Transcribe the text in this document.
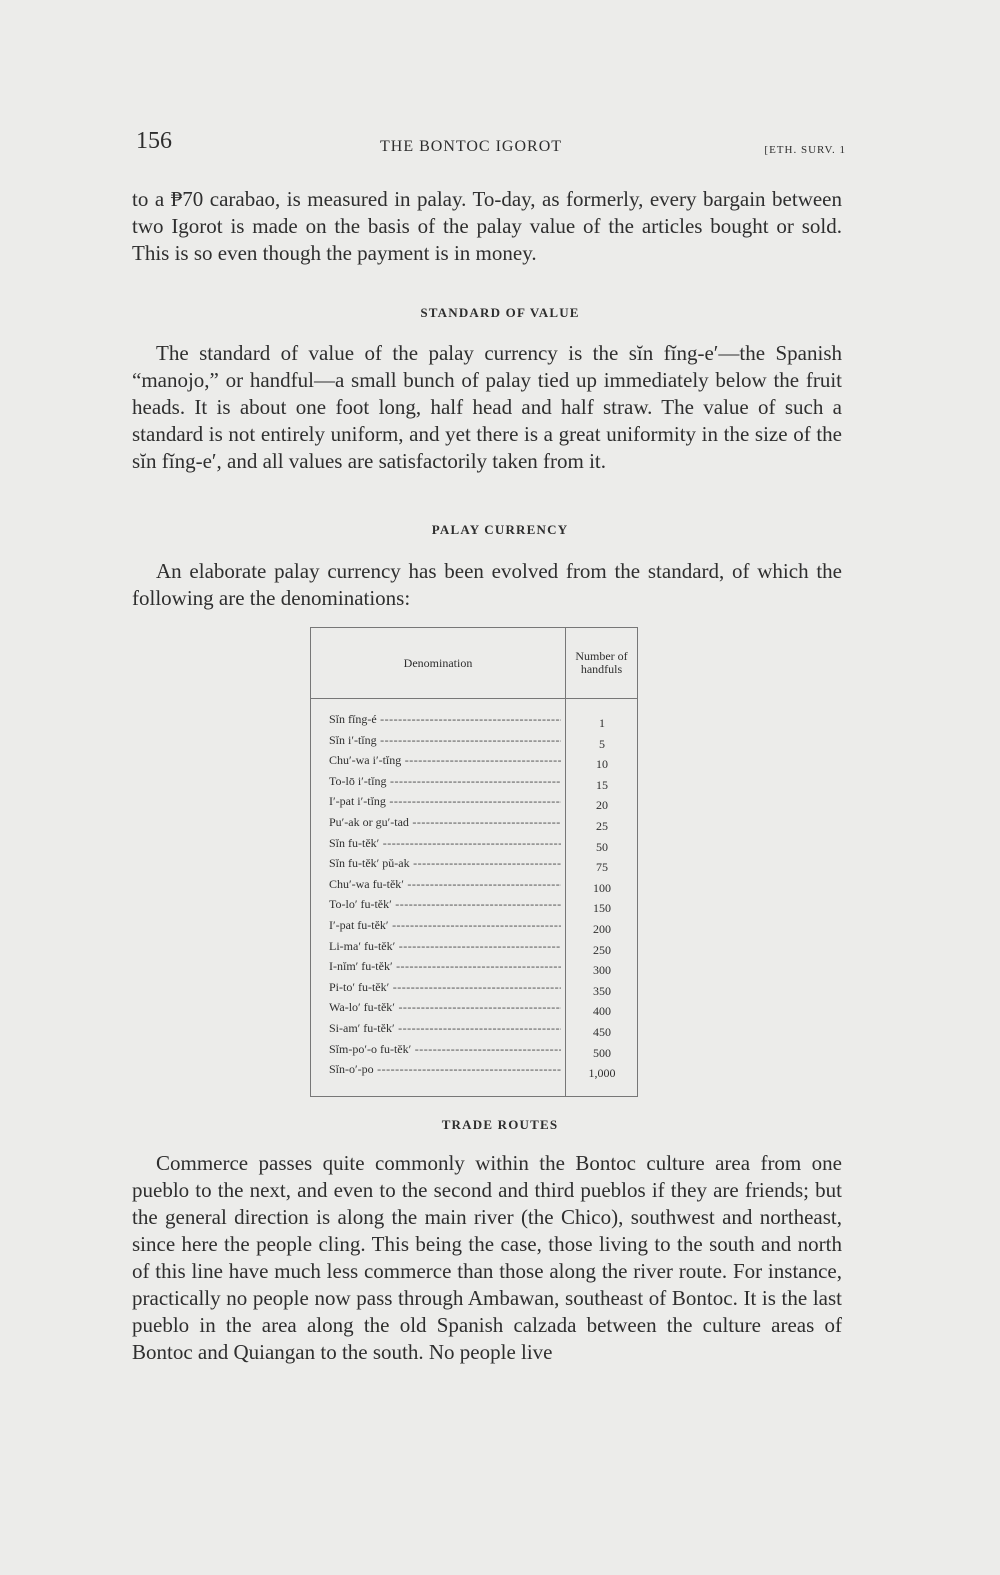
156	THE BONTOC IGOROT	[ETH. SURV. 1

to a ₱70 carabao, is measured in palay. To-day, as formerly, every bargain between two Igorot is made on the basis of the palay value of the articles bought or sold. This is so even though the payment is in money.

STANDARD OF VALUE

The standard of value of the palay currency is the sĭn fĭng-e′—the Spanish “manojo,” or handful—a small bunch of palay tied up immediately below the fruit heads. It is about one foot long, half head and half straw. The value of such a standard is not entirely uniform, and yet there is a great uniformity in the size of the sĭn fĭng-e′, and all values are satisfactorily taken from it.

PALAY CURRENCY

An elaborate palay currency has been evolved from the standard, of which the following are the denominations:

Denomination	Number of handfuls
Sĭn fĭng-é -----	1
Sĭn i′-tĭng -----	5
Chu′-wa i′-tĭng -----	10
To-lō i′-tĭng -----	15
I′-pat i′-tĭng -----	20
Pu′-ak or gu′-tad -----	25
Sĭn fu-tĕk′ -----	50
Sĭn fu-tĕk′ pŭ-ak -----	75
Chu′-wa fu-tĕk′ -----	100
To-lo′ fu-tĕk′ -----	150
I′-pat fu-tĕk′ -----	200
Li-ma′ fu-tĕk′ -----	250
I-nĭm′ fu-tĕk′ -----	300
Pi-to′ fu-tĕk′ -----	350
Wa-lo′ fu-tĕk′ -----	400
Si-am′ fu-tĕk′ -----	450
Sĭm-po′-o fu-tĕk′ -----	500
Sĭn-o′-po -----	1,000
TRADE ROUTES

Commerce passes quite commonly within the Bontoc culture area from one pueblo to the next, and even to the second and third pueblos if they are friends; but the general direction is along the main river (the Chico), southwest and northeast, since here the people cling. This being the case, those living to the south and north of this line have much less commerce than those along the river route. For instance, practically no people now pass through Ambawan, southeast of Bontoc. It is the last pueblo in the area along the old Spanish calzada between the culture areas of Bontoc and Quiangan to the south. No people live
